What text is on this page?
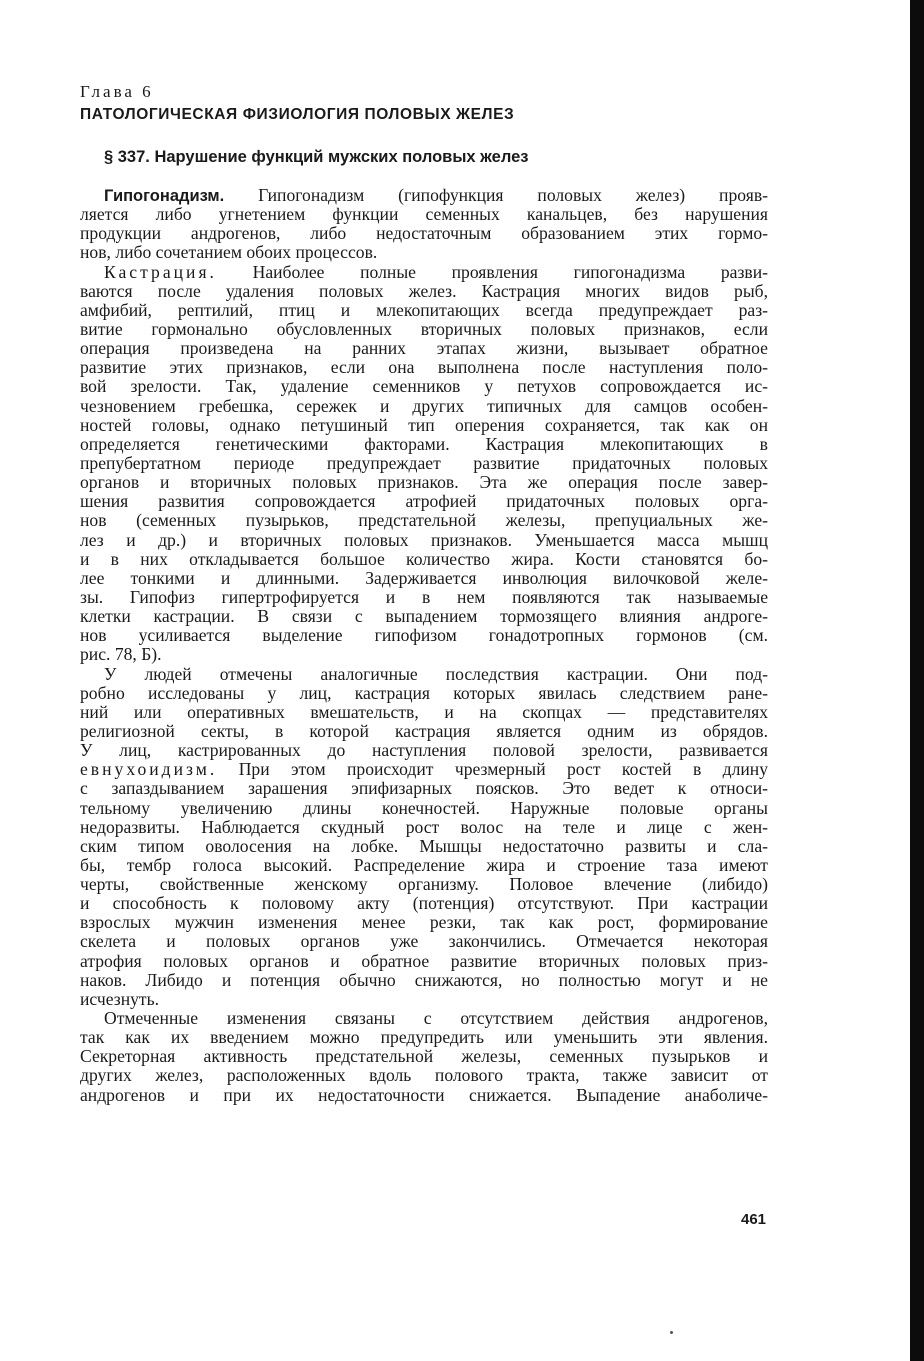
Глава 6
ПАТОЛОГИЧЕСКАЯ ФИЗИОЛОГИЯ ПОЛОВЫХ ЖЕЛЕЗ
§ 337. Нарушение функций мужских половых желез
Гипогонадизм. Гипогонадизм (гипофункция половых желез) прояв-
ляется либо угнетением функции семенных канальцев, без нарушения
продукции андрогенов, либо недостаточным образованием этих гормо-
нов, либо сочетанием обоих процессов.
Кастрация. Наиболее полные проявления гипогонадизма разви-
ваются после удаления половых желез. Кастрация многих видов рыб,
амфибий, рептилий, птиц и млекопитающих всегда предупреждает раз-
витие гормонально обусловленных вторичных половых признаков, если
операция произведена на ранних этапах жизни, вызывает обратное
развитие этих признаков, если она выполнена после наступления поло-
вой зрелости. Так, удаление семенников у петухов сопровождается ис-
чезновением гребешка, сережек и других типичных для самцов особен-
ностей головы, однако петушиный тип оперения сохраняется, так как он
определяется генетическими факторами. Кастрация млекопитающих в
препубертатном периоде предупреждает развитие придаточных половых
органов и вторичных половых признаков. Эта же операция после завер-
шения развития сопровождается атрофией придаточных половых орга-
нов (семенных пузырьков, предстательной железы, препуциальных же-
лез и др.) и вторичных половых признаков. Уменьшается масса мышц
и в них откладывается большое количество жира. Кости становятся бо-
лее тонкими и длинными. Задерживается инволюция вилочковой желе-
зы. Гипофиз гипертрофируется и в нем появляются так называемые
клетки кастрации. В связи с выпадением тормозящего влияния андроге-
нов усиливается выделение гипофизом гонадотропных гормонов (см.
рис. 78, Б).
У людей отмечены аналогичные последствия кастрации. Они под-
робно исследованы у лиц, кастрация которых явилась следствием ране-
ний или оперативных вмешательств, и на скопцах — представителях
религиозной секты, в которой кастрация является одним из обрядов.
У лиц, кастрированных до наступления половой зрелости, развивается
евнухоидизм. При этом происходит чрезмерный рост костей в длину
с запаздыванием зарашения эпифизарных поясков. Это ведет к относи-
тельному увеличению длины конечностей. Наружные половые органы
недоразвиты. Наблюдается скудный рост волос на теле и лице с жен-
ским типом оволосения на лобке. Мышцы недостаточно развиты и сла-
бы, тембр голоса высокий. Распределение жира и строение таза имеют
черты, свойственные женскому организму. Половое влечение (либидо)
и способность к половому акту (потенция) отсутствуют. При кастрации
взрослых мужчин изменения менее резки, так как рост, формирование
скелета и половых органов уже закончились. Отмечается некоторая
атрофия половых органов и обратное развитие вторичных половых приз-
наков. Либидо и потенция обычно снижаются, но полностью могут и не
исчезнуть.
Отмеченные изменения связаны с отсутствием действия андрогенов,
так как их введением можно предупредить или уменьшить эти явления.
Секреторная активность предстательной железы, семенных пузырьков и
других желез, расположенных вдоль полового тракта, также зависит от
андрогенов и при их недостаточности снижается. Выпадение анаболиче-
461
